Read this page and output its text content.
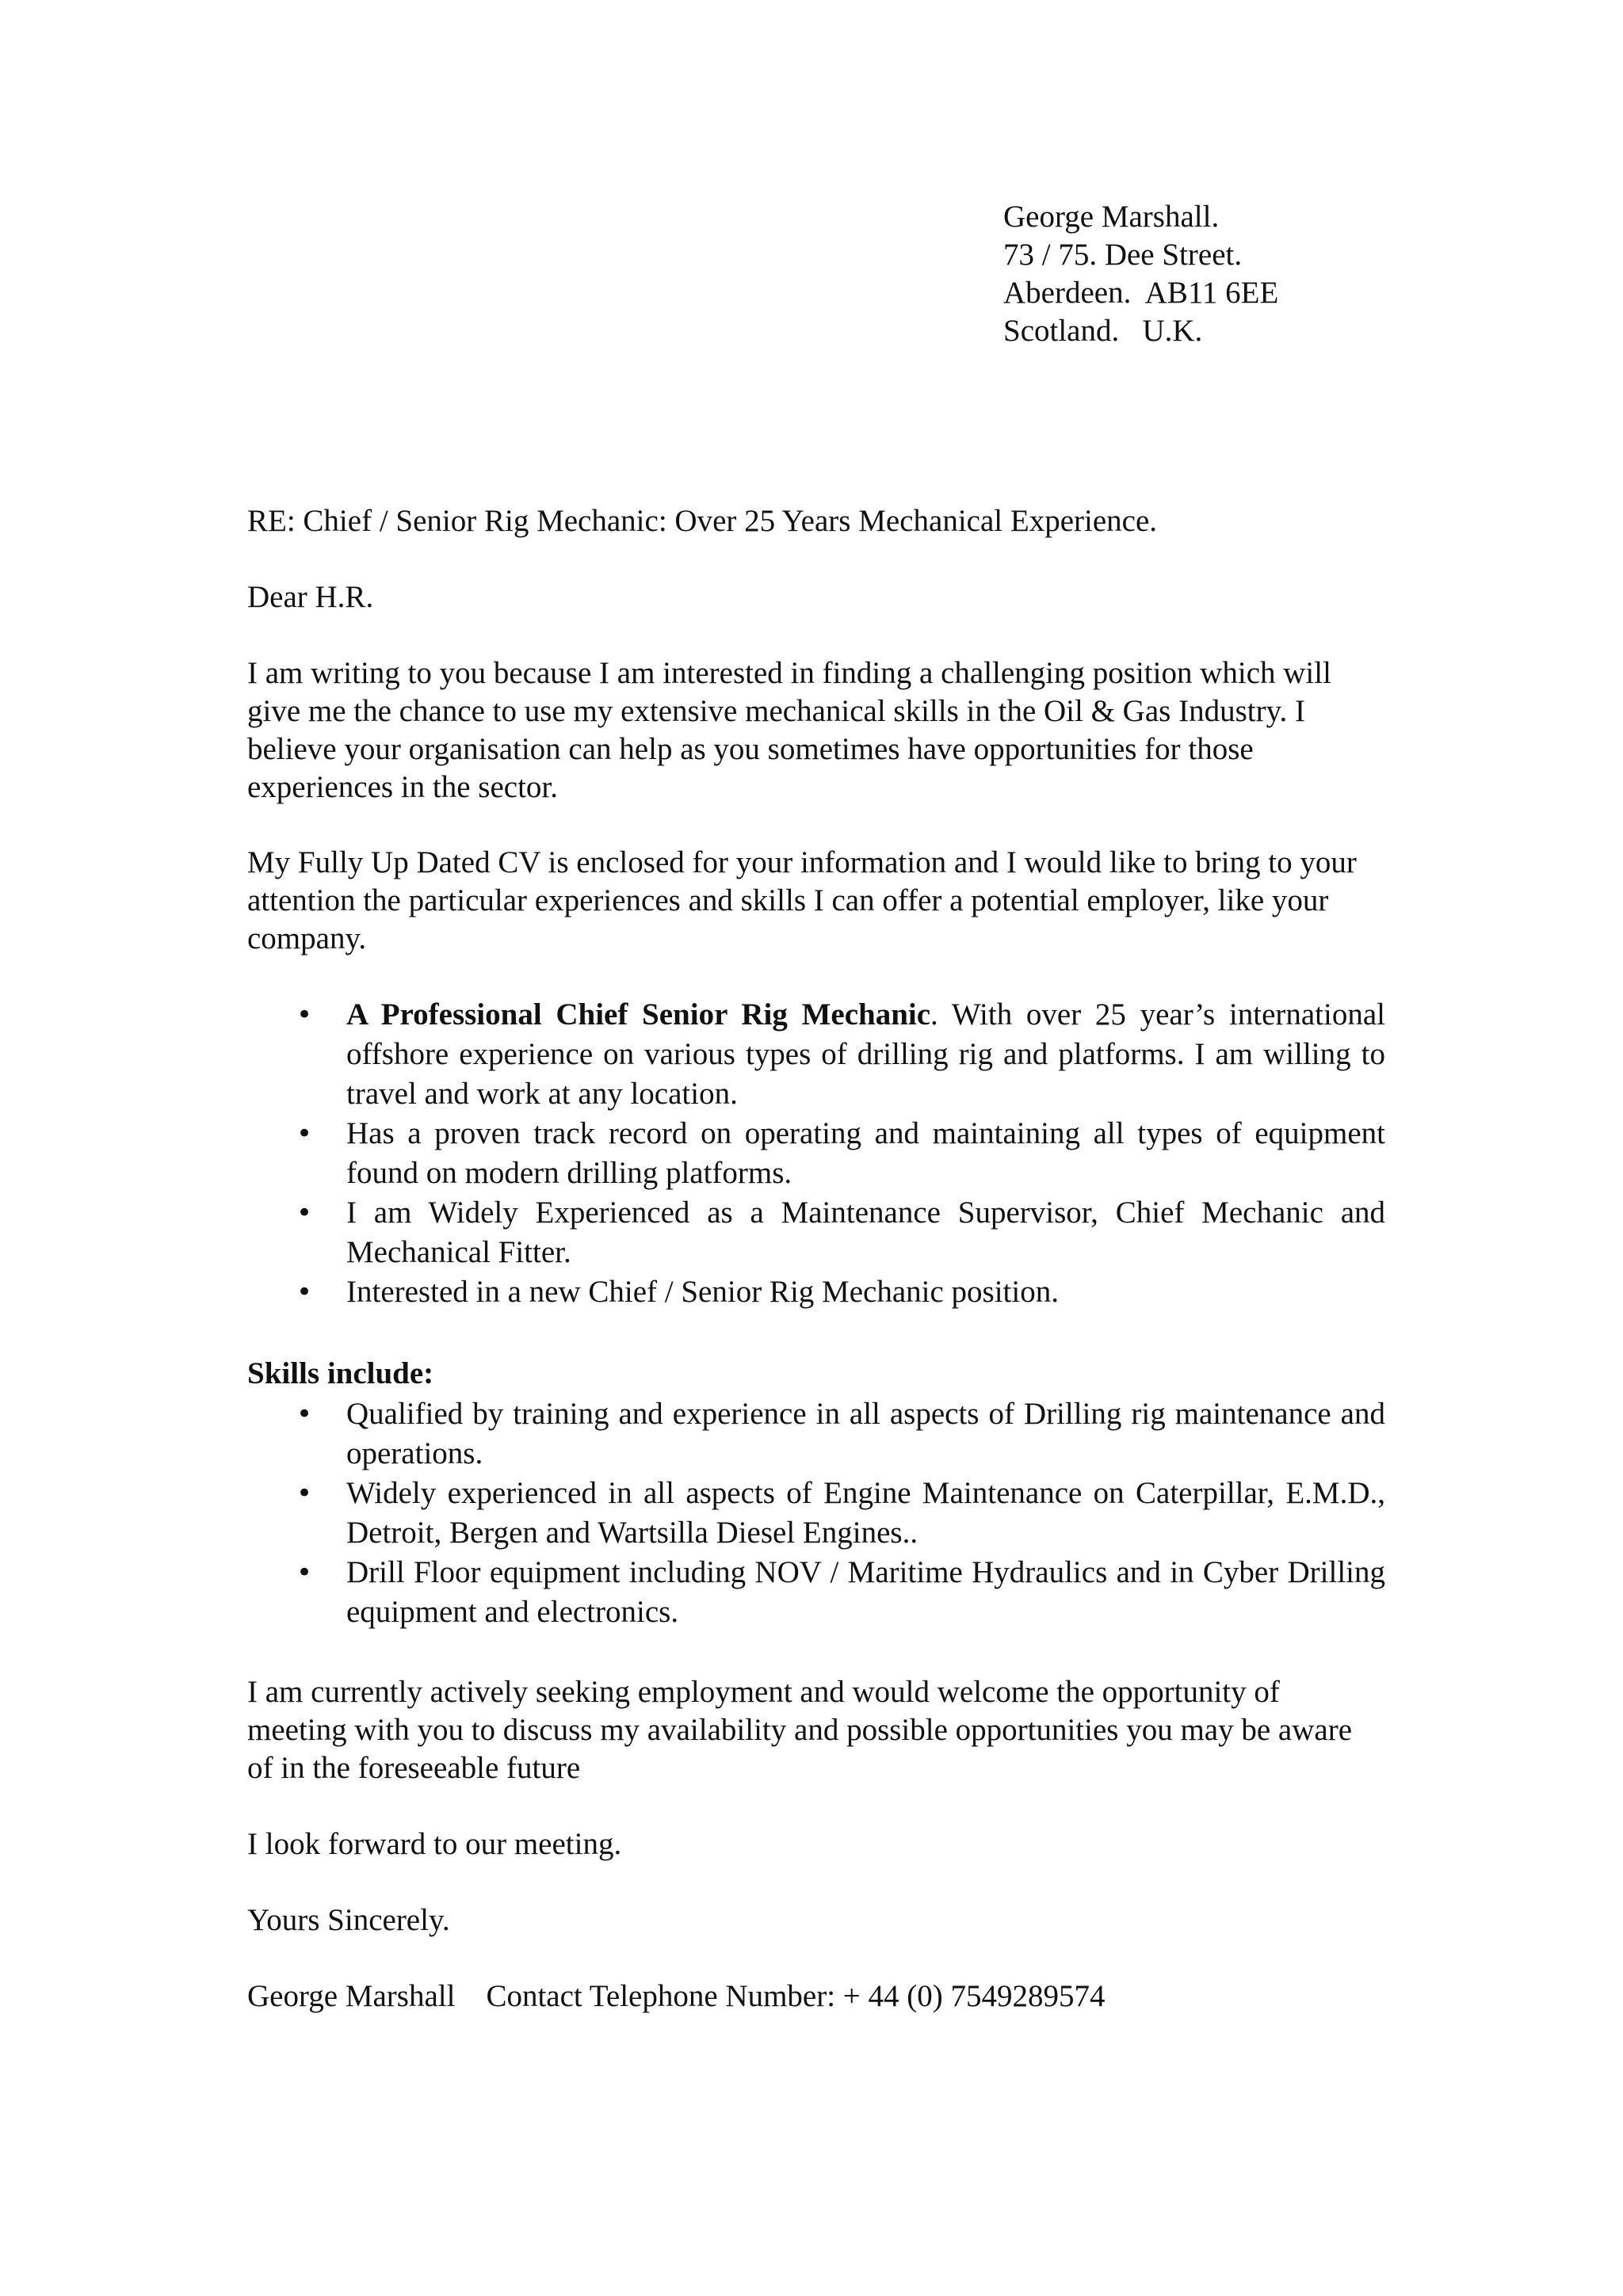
George Marshall.
73 / 75. Dee Street.
Aberdeen.  AB11 6EE
Scotland.   U.K.

RE: Chief / Senior Rig Mechanic: Over 25 Years Mechanical Experience.

Dear H.R.

I am writing to you because I am interested in finding a challenging position which will give me the chance to use my extensive mechanical skills in the Oil & Gas Industry. I believe your organisation can help as you sometimes have opportunities for those experiences in the sector.

My Fully Up Dated CV is enclosed for your information and I would like to bring to your attention the particular experiences and skills I can offer a potential employer, like your company.

• A Professional Chief Senior Rig Mechanic. With over 25 year’s international offshore experience on various types of drilling rig and platforms. I am willing to travel and work at any location.
• Has a proven track record on operating and maintaining all types of equipment found on modern drilling platforms.
• I am Widely Experienced as a Maintenance Supervisor, Chief Mechanic and Mechanical Fitter.
• Interested in a new Chief / Senior Rig Mechanic position.
Skills include:
• Qualified by training and experience in all aspects of Drilling rig maintenance and operations.
• Widely experienced in all aspects of Engine Maintenance on Caterpillar, E.M.D., Detroit, Bergen and Wartsilla Diesel Engines..
• Drill Floor equipment including NOV / Maritime Hydraulics and in Cyber Drilling equipment and electronics.

I am currently actively seeking employment and would welcome the opportunity of meeting with you to discuss my availability and possible opportunities you may be aware of in the foreseeable future

I look forward to our meeting.

Yours Sincerely.

George Marshall Contact Telephone Number: + 44 (0) 7549289574
